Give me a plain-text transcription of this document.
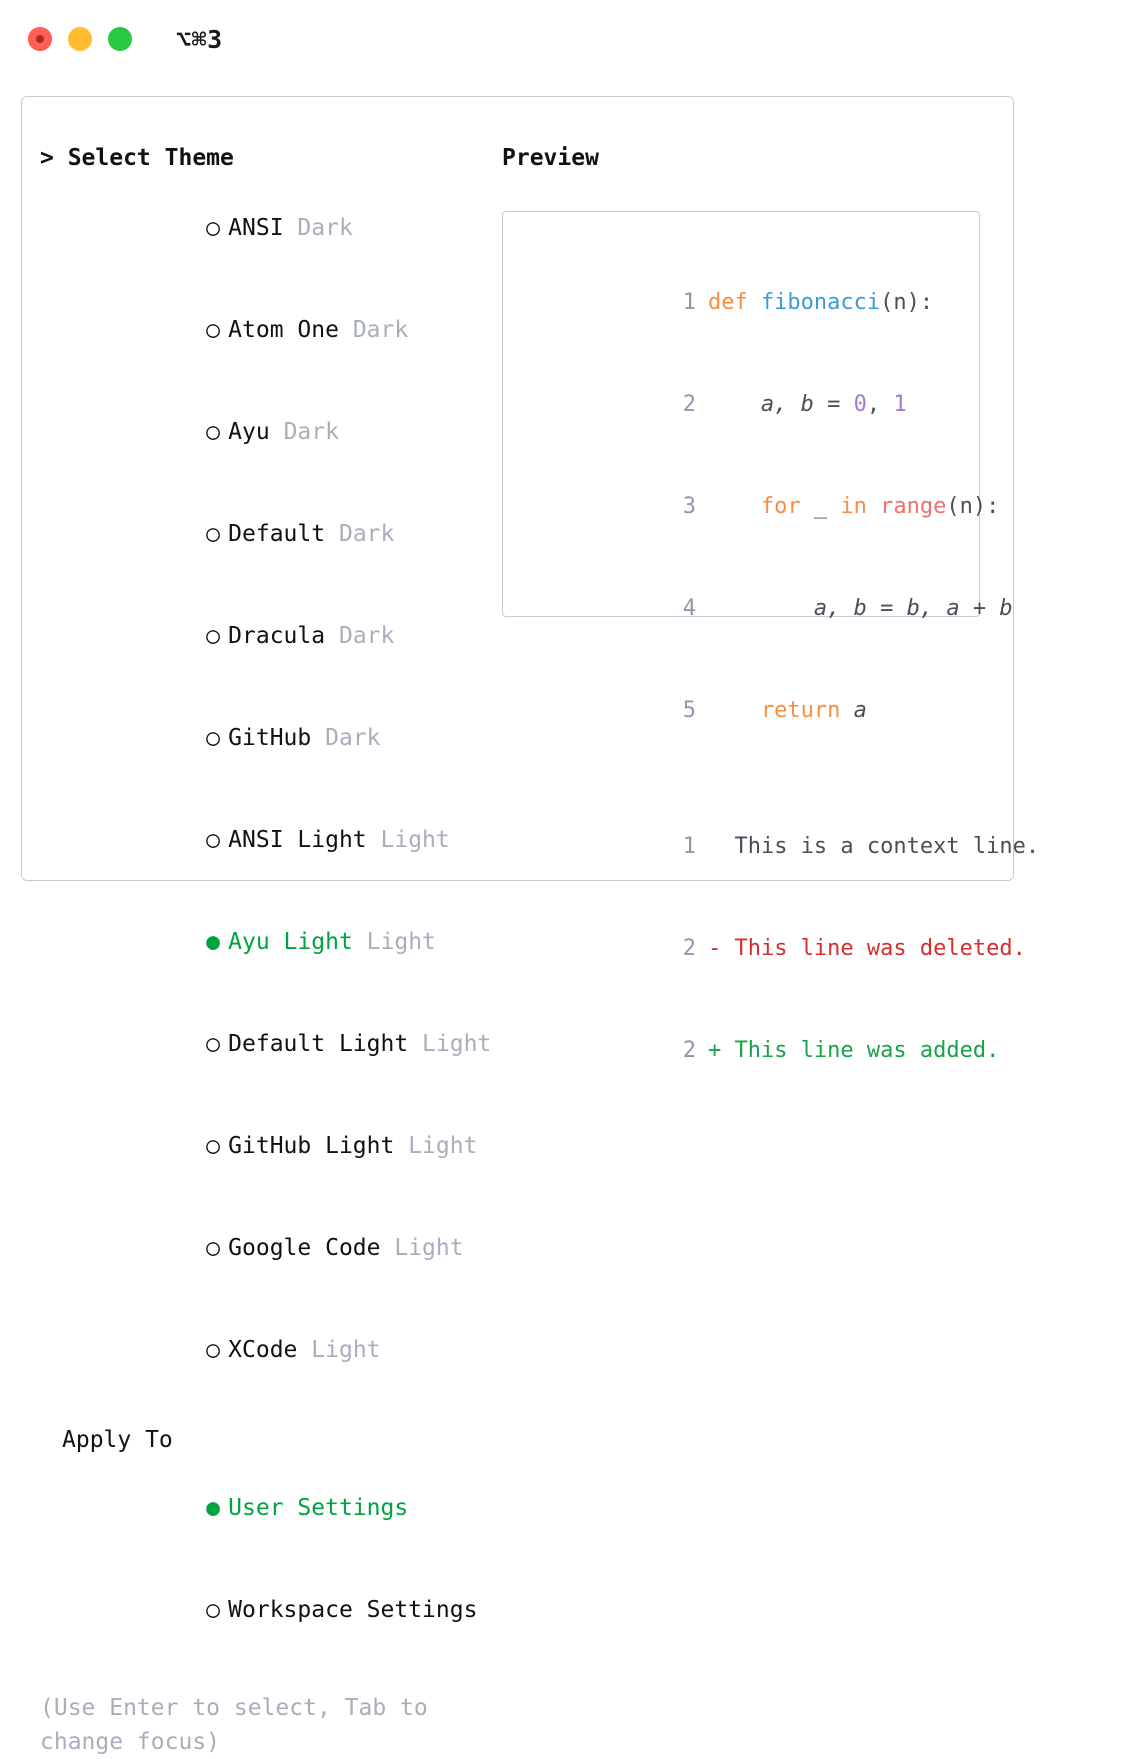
⌥⌘3
> Select Theme

○ ANSI Dark

○ Atom One Dark

○ Ayu Dark

○ Default Dark

○ Dracula Dark

○ GitHub Dark

○ ANSI Light Light

● Ayu Light Light

○ Default Light Light

○ GitHub Light Light

○ Google Code Light

○ XCode Light

Apply To

● User Settings

○ Workspace Settings

(Use Enter to select, Tab to change focus)
Preview

1 def fibonacci(n):

2    a, b = 0, 1

3    for _ in range(n):

4        a, b = b, a + b

5    return a

1 This is a context line.

2 - This line was deleted.

2 + This line was added.
